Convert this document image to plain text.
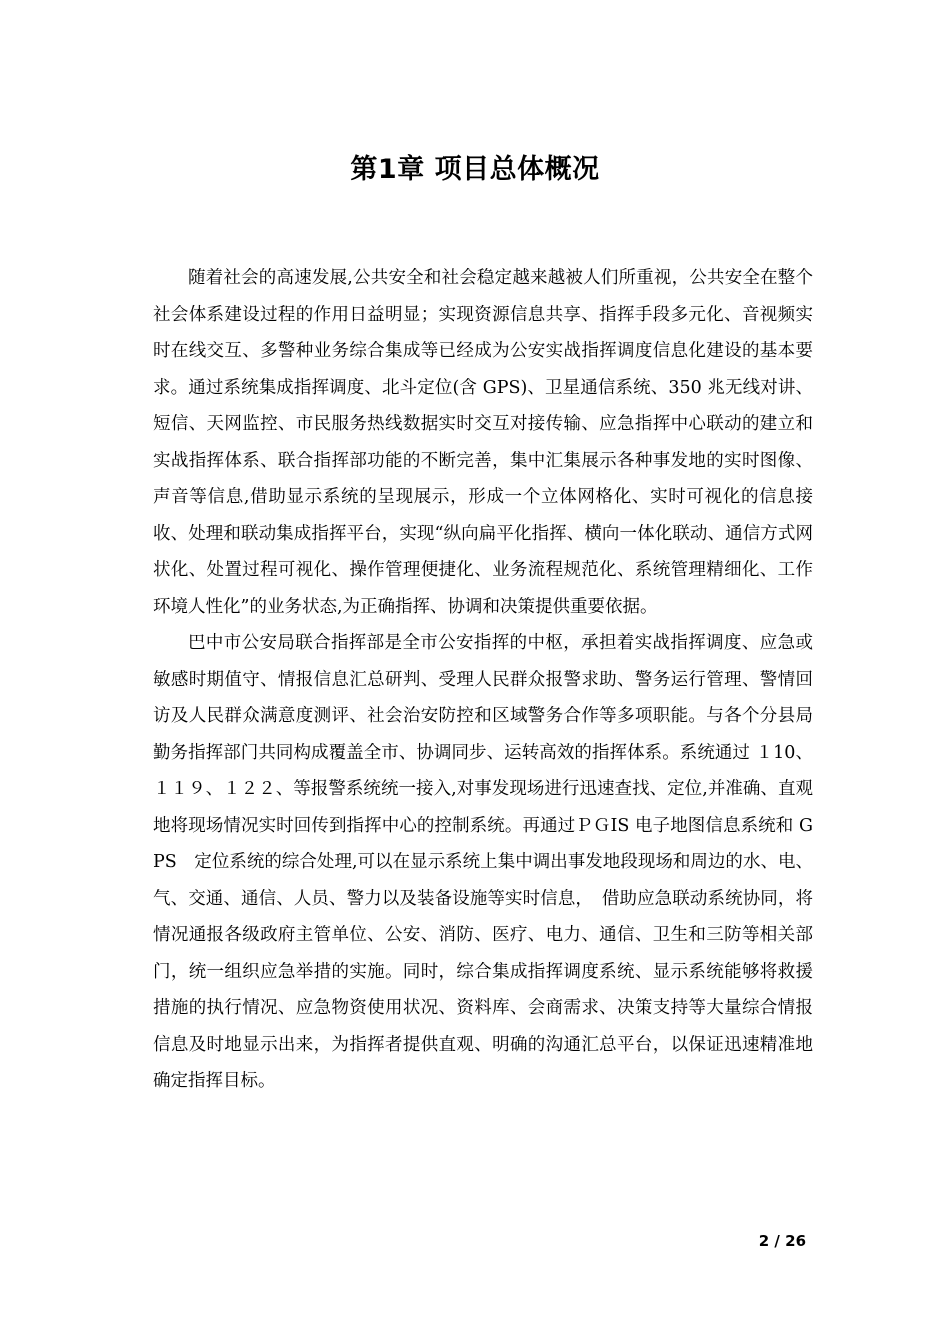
第1章 项目总体概况

随着社会的高速发展,公共安全和社会稳定越来越被人们所重视，公共安全在整个社会体系建设过程的作用日益明显；实现资源信息共享、指挥手段多元化、音视频实时在线交互、多警种业务综合集成等已经成为公安实战指挥调度信息化建设的基本要求。通过系统集成指挥调度、北斗定位(含 GPS)、卫星通信系统、350 兆无线对讲、短信、天网监控、市民服务热线数据实时交互对接传输、应急指挥中心联动的建立和实战指挥体系、联合指挥部功能的不断完善，集中汇集展示各种事发地的实时图像、声音等信息,借助显示系统的呈现展示，形成一个立体网格化、实时可视化的信息接收、处理和联动集成指挥平台，实现“纵向扁平化指挥、横向一体化联动、通信方式网状化、处置过程可视化、操作管理便捷化、业务流程规范化、系统管理精细化、工作环境人性化”的业务状态,为正确指挥、协调和决策提供重要依据。

巴中市公安局联合指挥部是全市公安指挥的中枢，承担着实战指挥调度、应急或敏感时期值守、情报信息汇总研判、受理人民群众报警求助、警务运行管理、警情回访及人民群众满意度测评、社会治安防控和区域警务合作等多项职能。与各个分县局勤务指挥部门共同构成覆盖全市、协调同步、运转高效的指挥体系。系统通过 １10、１１９、１２２、等报警系统统一接入,对事发现场进行迅速查找、定位,并准确、直观地将现场情况实时回传到指挥中心的控制系统。再通过ＰＧIS 电子地图信息系统和 GPS　定位系统的综合处理,可以在显示系统上集中调出事发地段现场和周边的水、电、气、交通、通信、人员、警力以及装备设施等实时信息，　借助应急联动系统协同，将情况通报各级政府主管单位、公安、消防、医疗、电力、通信、卫生和三防等相关部门，统一组织应急举措的实施。同时，综合集成指挥调度系统、显示系统能够将救援措施的执行情况、应急物资使用状况、资料库、会商需求、决策支持等大量综合情报信息及时地显示出来，为指挥者提供直观、明确的沟通汇总平台，以保证迅速精准地确定指挥目标。

2 / 26
